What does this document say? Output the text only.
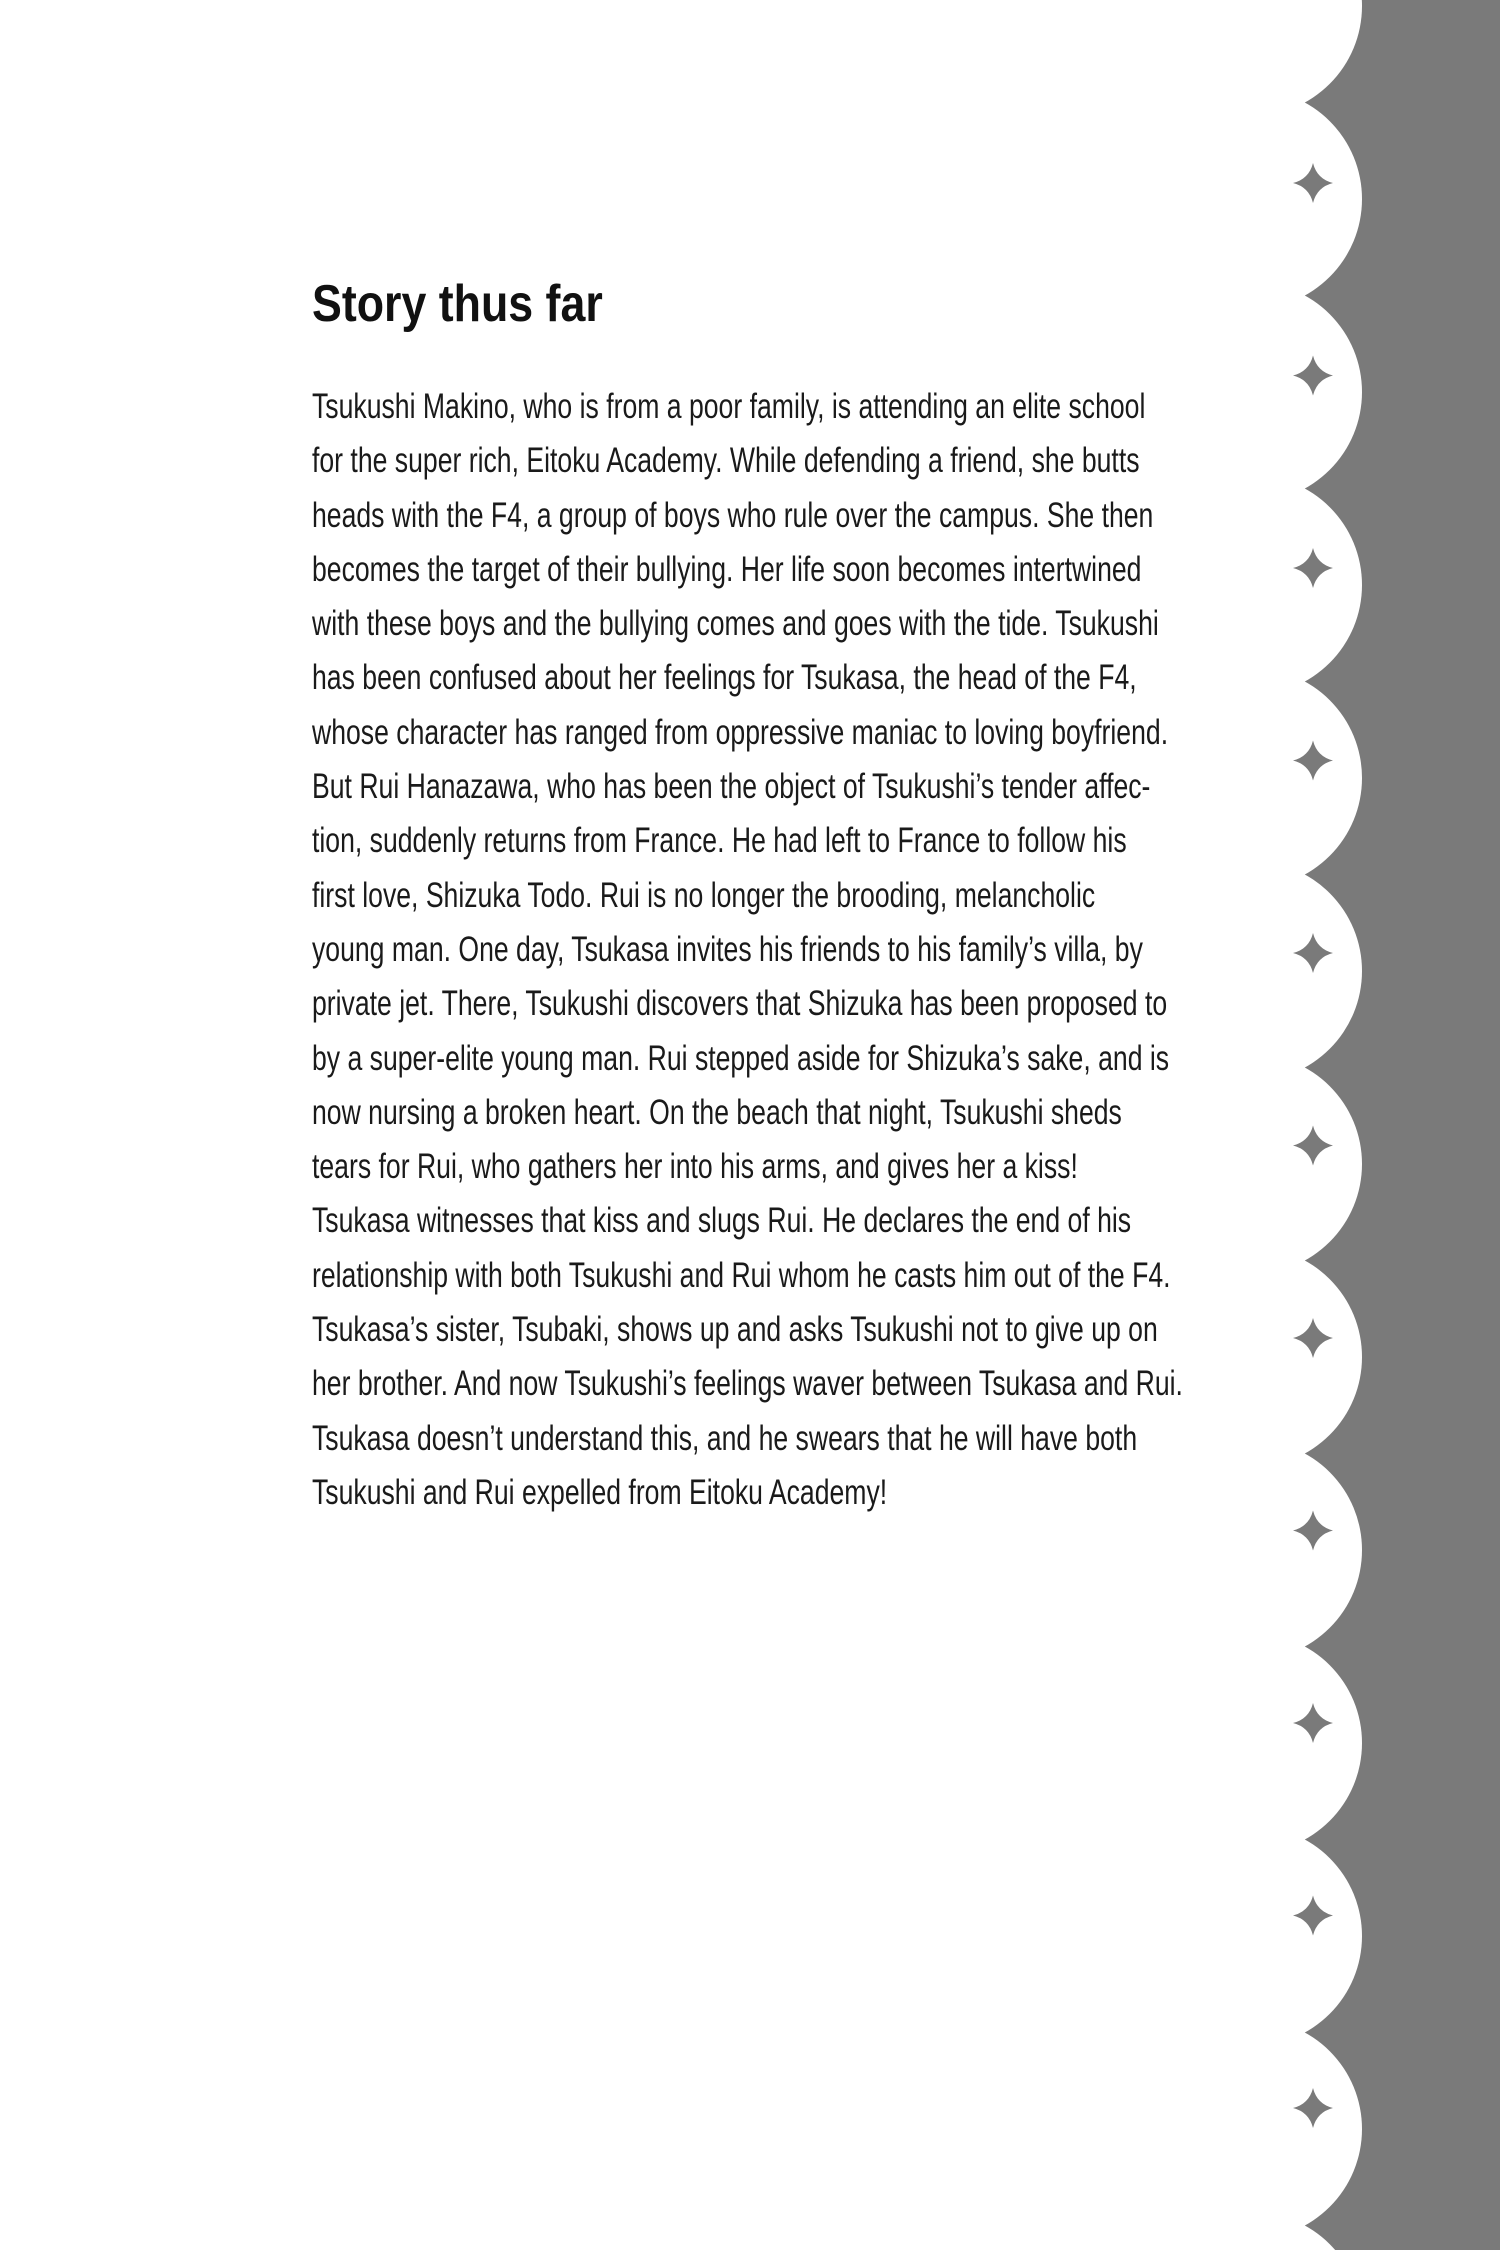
Story thus far
Tsukushi Makino, who is from a poor family, is attending an elite school
for the super rich, Eitoku Academy. While defending a friend, she butts
heads with the F4, a group of boys who rule over the campus. She then
becomes the target of their bullying. Her life soon becomes intertwined
with these boys and the bullying comes and goes with the tide. Tsukushi
has been confused about her feelings for Tsukasa, the head of the F4,
whose character has ranged from oppressive maniac to loving boyfriend.
But Rui Hanazawa, who has been the object of Tsukushi’s tender affec-
tion, suddenly returns from France. He had left to France to follow his
first love, Shizuka Todo. Rui is no longer the brooding, melancholic
young man. One day, Tsukasa invites his friends to his family’s villa, by
private jet. There, Tsukushi discovers that Shizuka has been proposed to
by a super-elite young man. Rui stepped aside for Shizuka’s sake, and is
now nursing a broken heart. On the beach that night, Tsukushi sheds
tears for Rui, who gathers her into his arms, and gives her a kiss!
Tsukasa witnesses that kiss and slugs Rui. He declares the end of his
relationship with both Tsukushi and Rui whom he casts him out of the F4.
Tsukasa’s sister, Tsubaki, shows up and asks Tsukushi not to give up on
her brother. And now Tsukushi’s feelings waver between Tsukasa and Rui.
Tsukasa doesn’t understand this, and he swears that he will have both
Tsukushi and Rui expelled from Eitoku Academy!
